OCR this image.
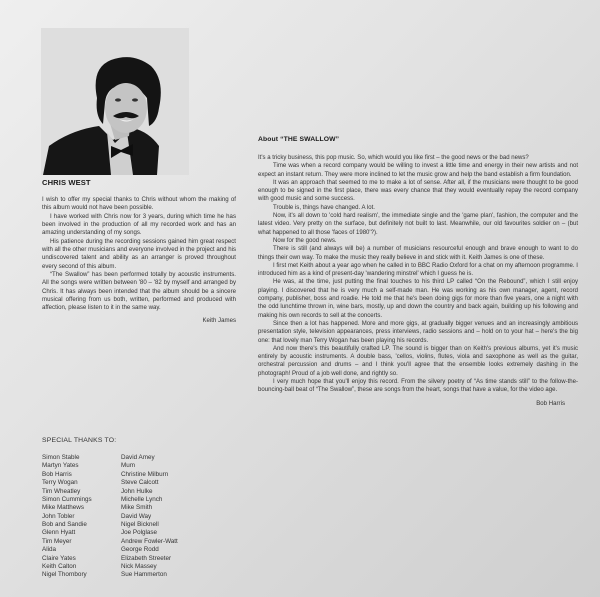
CHRIS WEST

I wish to offer my special thanks to Chris without whom the making of this album would not have been possible.

I have worked with Chris now for 3 years, during which time he has been involved in the production of all my recorded work and has an amazing understanding of my songs.

His patience during the recording sessions gained him great respect with all the other musicians and everyone involved in the project and his undiscovered talent and ability as an arranger is proved throughout every second of this album.

“The Swallow” has been performed totally by acoustic instruments. All the songs were written between '80 – '82 by myself and arranged by Chris. It has always been intended that the album should be a sincere musical offering from us both, written, performed and produced with affection, please listen to it in the same way.

Keith James
SPECIAL THANKS TO:
Simon Stable
Martyn Yates
Bob Harris
Terry Wogan
Tim Wheatley
Simon Cummings
Mike Matthews
John Tobler
Bob and Sandie
Glenn Hyatt
Tim Meyer
Alida
Claire Yates
Keith Calton
Nigel Thornbory
David Amey
Mum
Christine Milburn
Steve Calcott
John Hulke
Michelle Lynch
Mike Smith
David Way
Nigel Bicknell
Joe Polglase
Andrew Fowler-Watt
George Rodd
Elizabeth Streeter
Nick Massey
Sue Hammerton
About “THE SWALLOW”

It's a tricky business, this pop music. So, which would you like first – the good news or the bad news?

Time was when a record company would be willing to invest a little time and energy in their new artists and not expect an instant return. They were more inclined to let the music grow and help the band establish a firm foundation.

It was an approach that seemed to me to make a lot of sense. After all, if the musicians were thought to be good enough to be signed in the first place, there was every chance that they would eventually repay the record company with good music and some success.

Trouble is, things have changed. A lot.

Now, it's all down to 'cold hard realism', the immediate single and the 'game plan', fashion, the computer and the latest video. Very pretty on the surface, but definitely not built to last. Meanwhile, our old favourites soldier on – (but what happened to all those 'faces of 1980'?).

Now for the good news.

There is still (and always will be) a number of musicians resourceful enough and brave enough to want to do things their own way. To make the music they really believe in and stick with it. Keith James is one of these.

I first met Keith about a year ago when he called in to BBC Radio Oxford for a chat on my afternoon programme. I introduced him as a kind of present-day 'wandering minstrel' which I guess he is.

He was, at the time, just putting the final touches to his third LP called “On the Rebound”, which I still enjoy playing. I discovered that he is very much a self-made man. He was working as his own manager, agent, record company, publisher, boss and roadie. He told me that he's been doing gigs for more than five years, one a night with the odd lunchtime thrown in, wine bars, mostly, up and down the country and back again, building up his following and making his own records to sell at the concerts.

Since then a lot has happened. More and more gigs, at gradually bigger venues and an increasingly ambitious presentation style, television appearances, press interviews, radio sessions and – hold on to your hat – here's the big one: that lovely man Terry Wogan has been playing his records.

And now there's this beautifully crafted LP. The sound is bigger than on Keith's previous albums, yet it's music entirely by acoustic instruments. A double bass, 'cellos, violins, flutes, viola and saxophone as well as the guitar, orchestral percussion and drums – and I think you'll agree that the ensemble looks extremely dashing in the photograph! Proud of a job well done, and rightly so.

I very much hope that you'll enjoy this record. From the silvery poetry of “As time stands still” to the follow-the-bouncing-ball beat of “The Swallow”, these are songs from the heart, songs that have a value, for the video age.

Bob Harris
